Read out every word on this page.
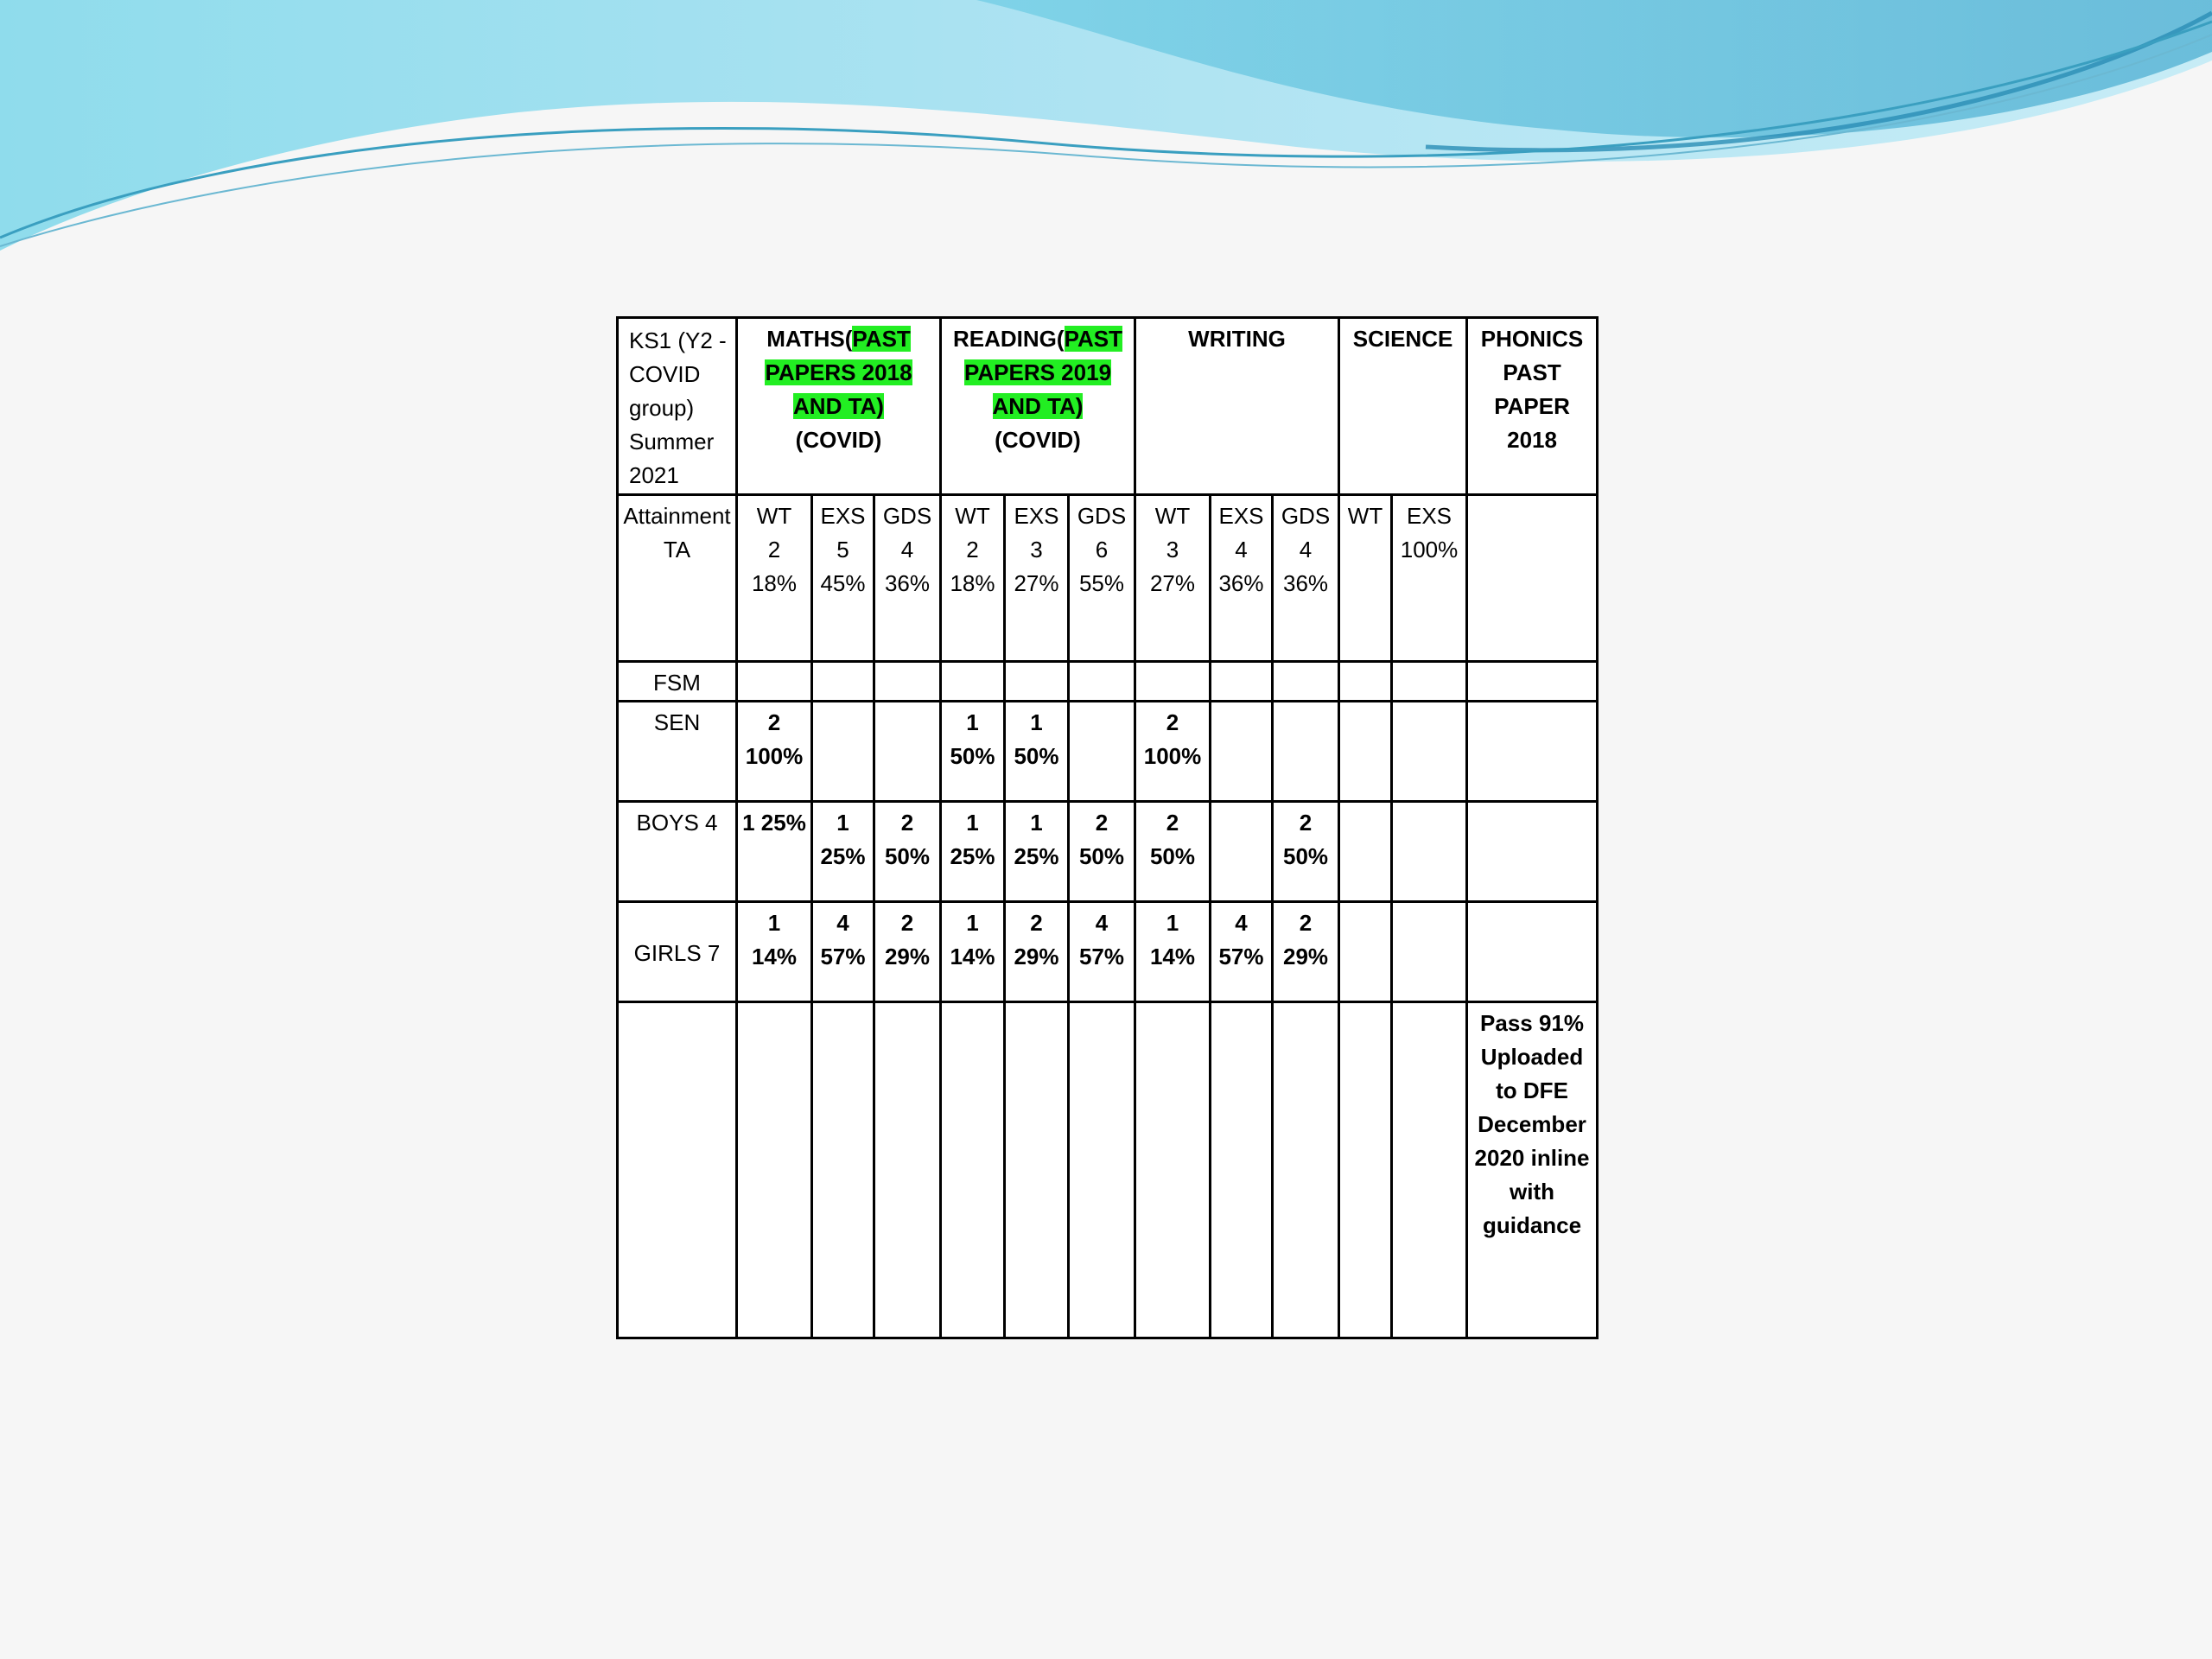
KS1 (Y2 -
COVID
group)
Summer 2021	MATHS(PAST PAPERS 2018 AND TA)
(COVID)			READING(PAST PAPERS 2019 AND TA)
(COVID)			WRITING			SCIENCE		PHONICS PAST PAPER 2018
Attainment TA	WT
2
18%	EXS
5
45%	GDS
4
36%	WT
2
18%	EXS
3
27%	GDS
6
55%	WT
3
27%	EXS
4
36%	GDS
4
36%	WT	EXS
100%	
FSM												
SEN	2
100%			1
50%	1
50%		2
100%					
BOYS 4	1 25%	1
25%	2
50%	1
25%	1
25%	2
50%	2
50%		2
50%			
GIRLS 7	1
14%	4
57%	2
29%	1
14%	2
29%	4
57%	1
14%	4
57%	2
29%			
												Pass 91% Uploaded to DFE December 2020 inline with guidance
